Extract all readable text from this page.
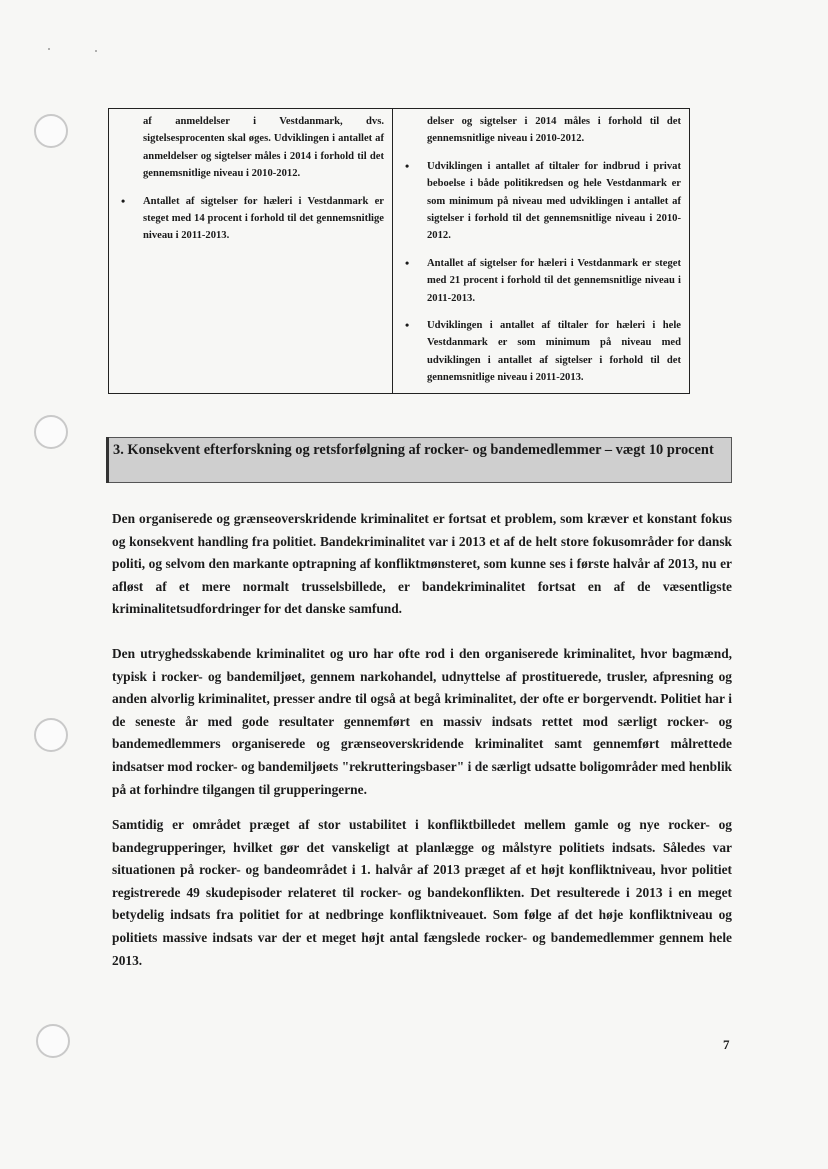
af anmeldelser i Vestdanmark, dvs. sigtelsesprocenten skal øges. Udviklingen i antallet af anmeldelser og sigtelser måles i 2014 i forhold til det gennemsnitlige niveau i 2010-2012.

• Antallet af sigtelser for hæleri i Vestdanmark er steget med 14 procent i forhold til det gennemsnitlige niveau i 2011-2013.

delser og sigtelser i 2014 måles i forhold til det gennemsnitlige niveau i 2010-2012.

• Udviklingen i antallet af tiltaler for indbrud i privat beboelse i både politikredsen og hele Vestdanmark er som minimum på niveau med udviklingen i antallet af sigtelser i forhold til det gennemsnitlige niveau i 2010-2012.
• Antallet af sigtelser for hæleri i Vestdanmark er steget med 21 procent i forhold til det gennemsnitlige niveau i 2011-2013.
• Udviklingen i antallet af tiltaler for hæleri i hele Vestdanmark er som minimum på niveau med udviklingen i antallet af sigtelser i forhold til det gennemsnitlige niveau i 2011-2013.
3. Konsekvent efterforskning og retsforfølgning af rocker- og bandemedlemmer – vægt 10 procent
Den organiserede og grænseoverskridende kriminalitet er fortsat et problem, som kræver et konstant fokus og konsekvent handling fra politiet. Bandekriminalitet var i 2013 et af de helt store fokusområder for dansk politi, og selvom den markante optrapning af konfliktmønsteret, som kunne ses i første halvår af 2013, nu er afløst af et mere normalt trusselsbillede, er bandekriminalitet fortsat en af de væsentligste kriminalitetsudfordringer for det danske samfund.
Den utryghedsskabende kriminalitet og uro har ofte rod i den organiserede kriminalitet, hvor bagmænd, typisk i rocker- og bandemiljøet, gennem narkohandel, udnyttelse af prostituerede, trusler, afpresning og anden alvorlig kriminalitet, presser andre til også at begå kriminalitet, der ofte er borgervendt. Politiet har i de seneste år med gode resultater gennemført en massiv indsats rettet mod særligt rocker- og bandemedlemmers organiserede og grænseoverskridende kriminalitet samt gennemført målrettede indsatser mod rocker- og bandemiljøets "rekrutteringsbaser" i de særligt udsatte boligområder med henblik på at forhindre tilgangen til grupperingerne.
Samtidig er området præget af stor ustabilitet i konfliktbilledet mellem gamle og nye rocker- og bandegrupperinger, hvilket gør det vanskeligt at planlægge og målstyre politiets indsats. Således var situationen på rocker- og bandeområdet i 1. halvår af 2013 præget af et højt konfliktniveau, hvor politiet registrerede 49 skudepisoder relateret til rocker- og bandekonflikten. Det resulterede i 2013 i en meget betydelig indsats fra politiet for at nedbringe konfliktniveauet. Som følge af det høje konfliktniveau og politiets massive indsats var der et meget højt antal fængslede rocker- og bandemedlemmer gennem hele 2013.
7
